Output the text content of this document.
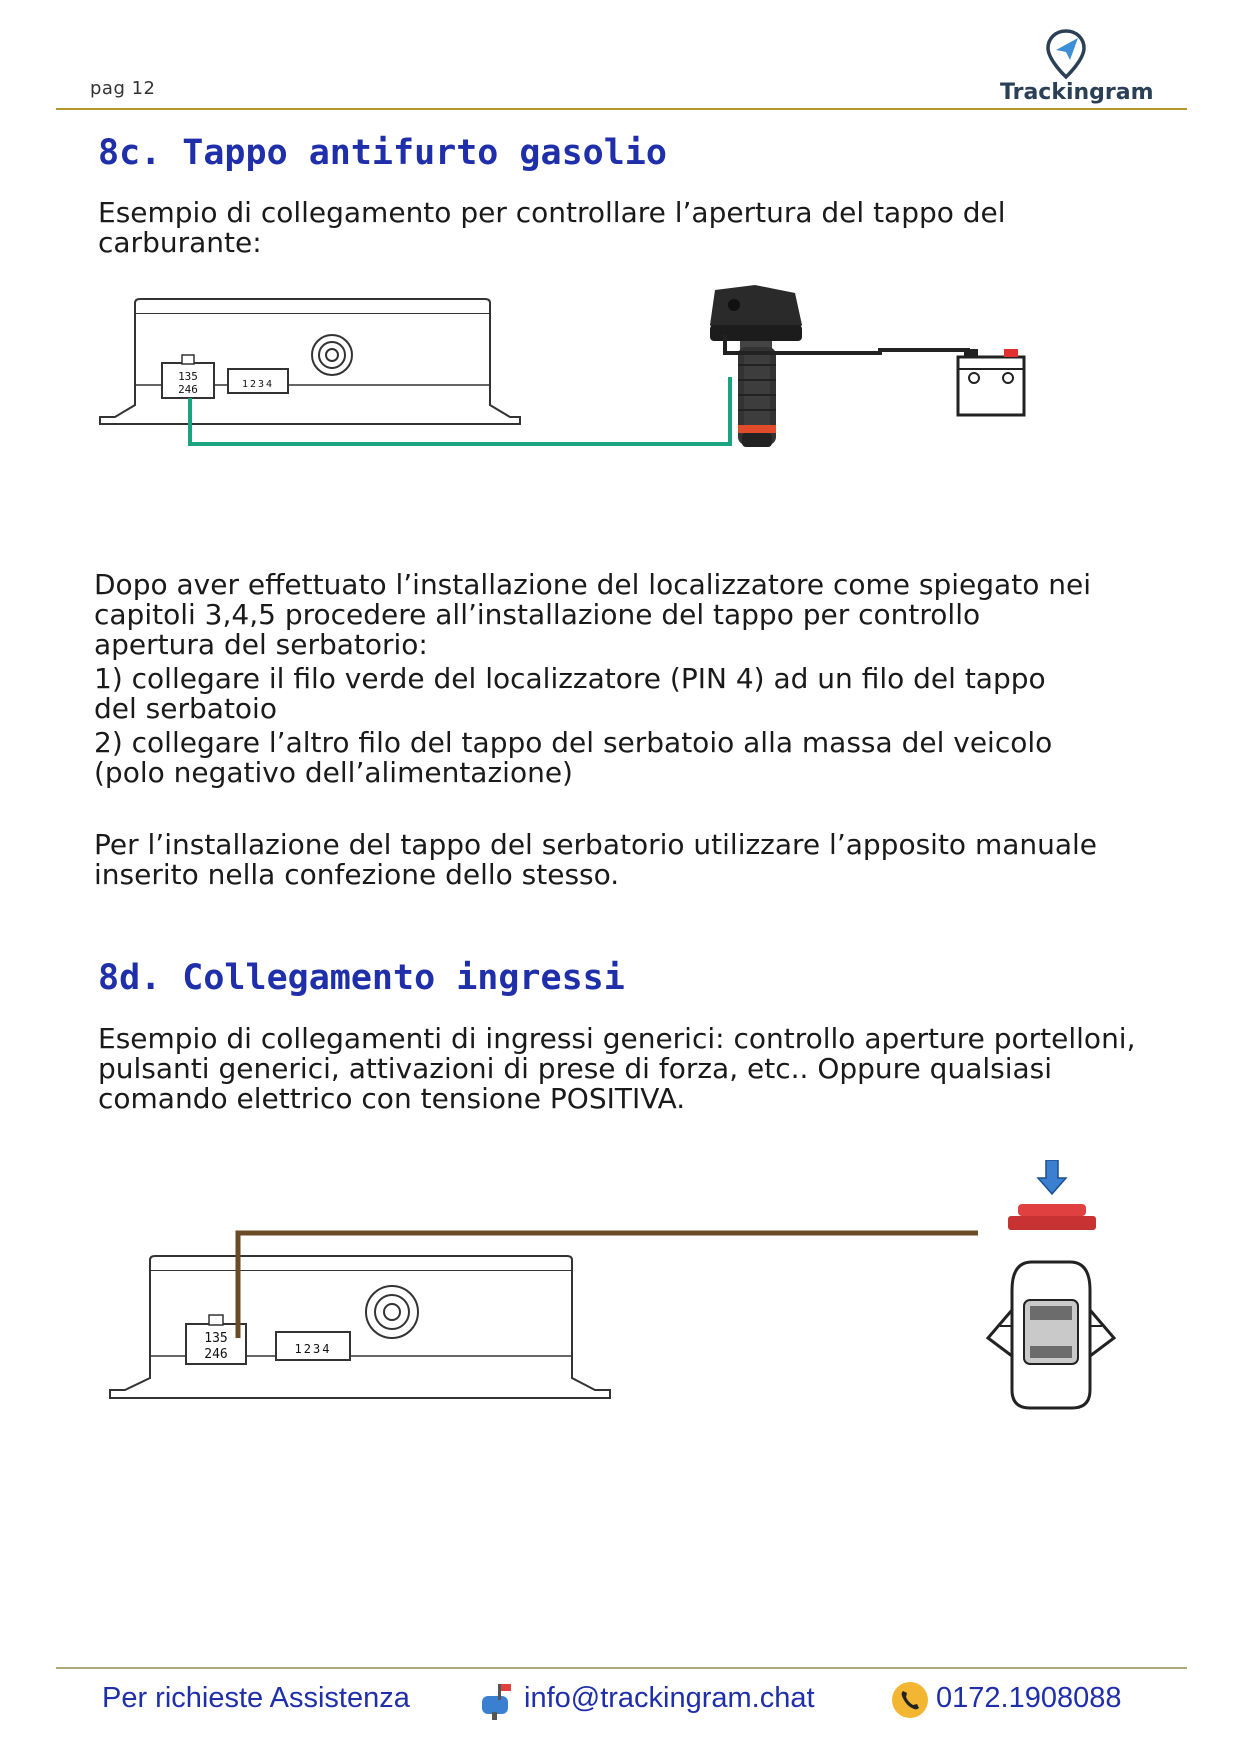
pag 12	Trackingram
8c. Tappo antifurto gasolio
Esempio di collegamento per controllare l’apertura del tappo del
carburante:
135
246	1234
Dopo aver effettuato l’installazione del localizzatore come spiegato nei
capitoli 3,4,5 procedere all’installazione del tappo per controllo
apertura del serbatorio:
1) collegare il filo verde del localizzatore (PIN 4) ad un filo del tappo
del serbatoio
2) collegare l’altro filo del tappo del serbatoio alla massa del veicolo
(polo negativo dell’alimentazione)
Per l’installazione del tappo del serbatorio utilizzare l’apposito manuale
inserito nella confezione dello stesso.
8d. Collegamento ingressi
Esempio di collegamenti di ingressi generici: controllo aperture portelloni,
pulsanti generici, attivazioni di prese di forza, etc.. Oppure qualsiasi
comando elettrico con tensione POSITIVA.
135
246	1234
Per richieste Assistenza	info@trackingram.chat	0172.1908088
